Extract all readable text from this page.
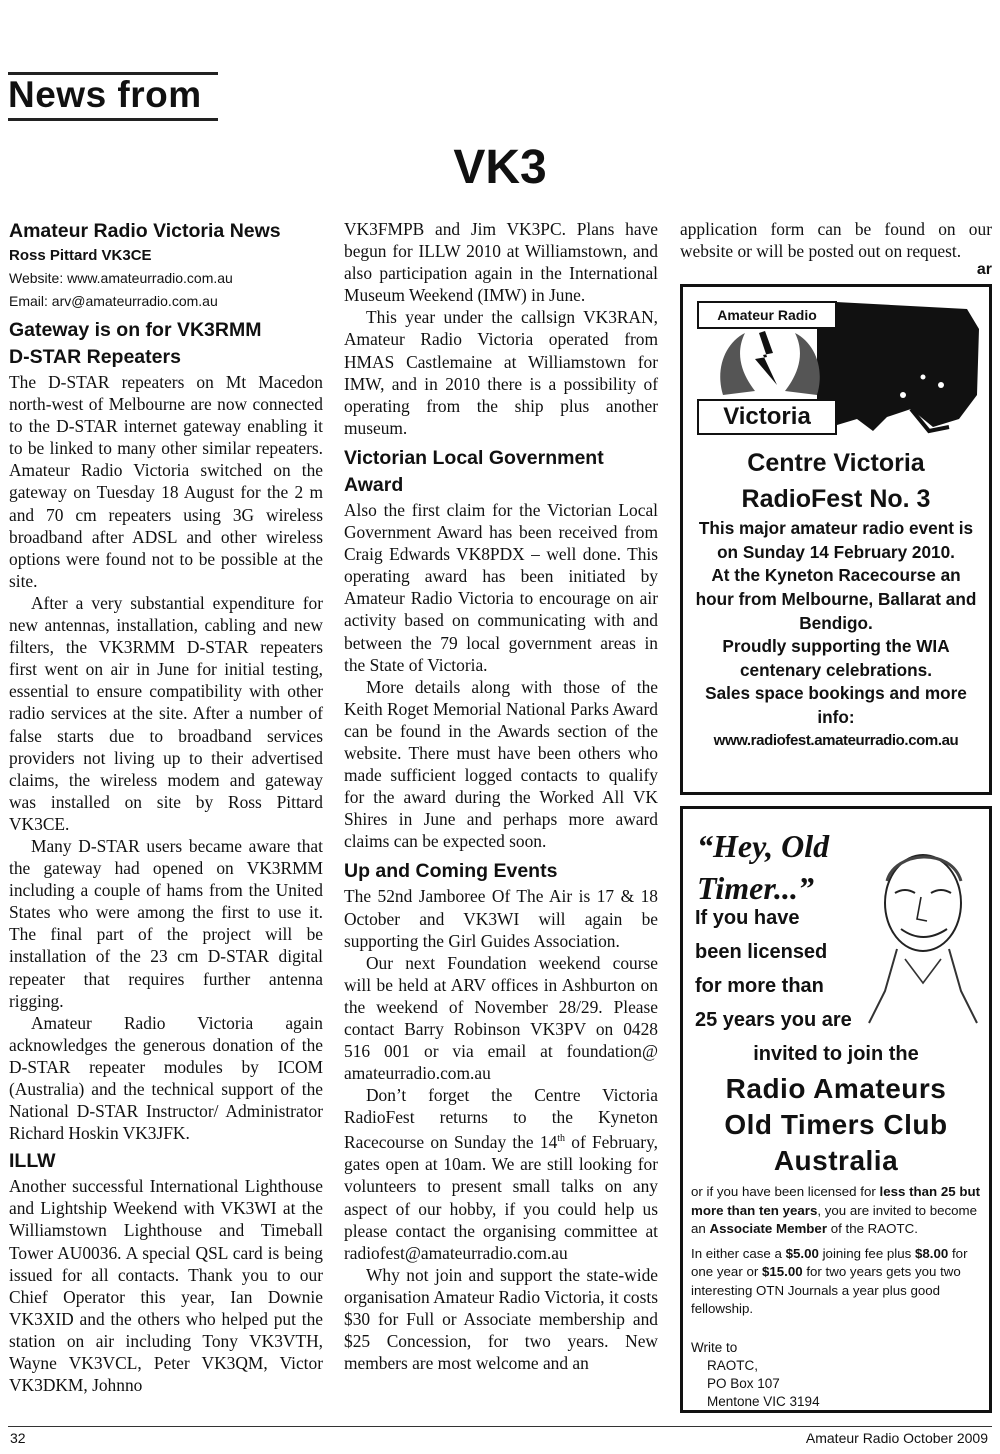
News from
VK3
Amateur Radio Victoria News

Ross Pittard VK3CE

Website: www.amateurradio.com.au

Email: arv@amateurradio.com.au

Gateway is on for VK3RMM
D-STAR Repeaters

The D-STAR repeaters on Mt Macedon north-west of Melbourne are now connected to the D-STAR internet gateway enabling it to be linked to many other similar repeaters. Amateur Radio Victoria switched on the gateway on Tuesday 18 August for the 2 m and 70 cm repeaters using 3G wireless broadband after ADSL and other wireless options were found not to be possible at the site.

After a very substantial expenditure for new antennas, installation, cabling and new filters, the VK3RMM D-STAR repeaters first went on air in June for initial testing, essential to ensure compatibility with other radio services at the site. After a number of false starts due to broadband services providers not living up to their advertised claims, the wireless modem and gateway was installed on site by Ross Pittard VK3CE.

Many D-STAR users became aware that the gateway had opened on VK3RMM including a couple of hams from the United States who were among the first to use it. The final part of the project will be installation of the 23 cm D-STAR digital repeater that requires further antenna rigging.

Amateur Radio Victoria again acknowledges the generous donation of the D-STAR repeater modules by ICOM (Australia) and the technical support of the National D-STAR Instructor/ Administrator Richard Hoskin VK3JFK.

ILLW

Another successful International Lighthouse and Lightship Weekend with VK3WI at the Williamstown Lighthouse and Timeball Tower AU0036. A special QSL card is being issued for all contacts. Thank you to our Chief Operator this year, Ian Downie VK3XID and the others who helped put the station on air including Tony VK3VTH, Wayne VK3VCL, Peter VK3QM, Victor VK3DKM, Johnno

VK3FMPB and Jim VK3PC. Plans have begun for ILLW 2010 at Williamstown, and also participation again in the International Museum Weekend (IMW) in June.

This year under the callsign VK3RAN, Amateur Radio Victoria operated from HMAS Castlemaine at Williamstown for IMW, and in 2010 there is a possibility of operating from the ship plus another museum.

Victorian Local Government
Award

Also the first claim for the Victorian Local Government Award has been received from Craig Edwards VK8PDX – well done. This operating award has been initiated by Amateur Radio Victoria to encourage on air activity based on communicating with and between the 79 local government areas in the State of Victoria.

More details along with those of the Keith Roget Memorial National Parks Award can be found in the Awards section of the website. There must have been others who made sufficient logged contacts to qualify for the award during the Worked All VK Shires in June and perhaps more award claims can be expected soon.

Up and Coming Events

The 52nd Jamboree Of The Air is 17 & 18 October and VK3WI will again be supporting the Girl Guides Association.

Our next Foundation weekend course will be held at ARV offices in Ashburton on the weekend of November 28/29. Please contact Barry Robinson VK3PV on 0428 516 001 or via email at foundation@ amateurradio.com.au

Don’t forget the Centre Victoria RadioFest returns to the Kyneton Racecourse on Sunday the 14th of February, gates open at 10am. We are still looking for volunteers to present small talks on any aspect of our hobby, if you could help us please contact the organising committee at radiofest@amateurradio.com.au

Why not join and support the state-wide organisation Amateur Radio Victoria, it costs $30 for Full or Associate membership and $25 Concession, for two years. New members are most welcome and an

application form can be found on our website or will be posted out on request.

ar

Amateur Radio
Victoria

Centre Victoria

RadioFest No. 3

This major amateur radio event is on Sunday 14 February 2010.

At the Kyneton Racecourse an hour from Melbourne, Ballarat and Bendigo.

Proudly supporting the WIA centenary celebrations.

Sales space bookings and more info:

www.radiofest.amateurradio.com.au

“Hey, Old
Timer...”

If you have
been licensed
for more than
25 years you are

invited to join the

Radio Amateurs
Old Timers Club
Australia

or if you have been licensed for less than 25 but more than ten years, you are invited to become an Associate Member of the RAOTC.

In either case a $5.00 joining fee plus $8.00 for one year or $15.00 for two years gets you two interesting OTN Journals a year plus good fellowship.

Write to
RAOTC,
PO Box 107
Mentone VIC 3194

32	Amateur Radio October 2009
